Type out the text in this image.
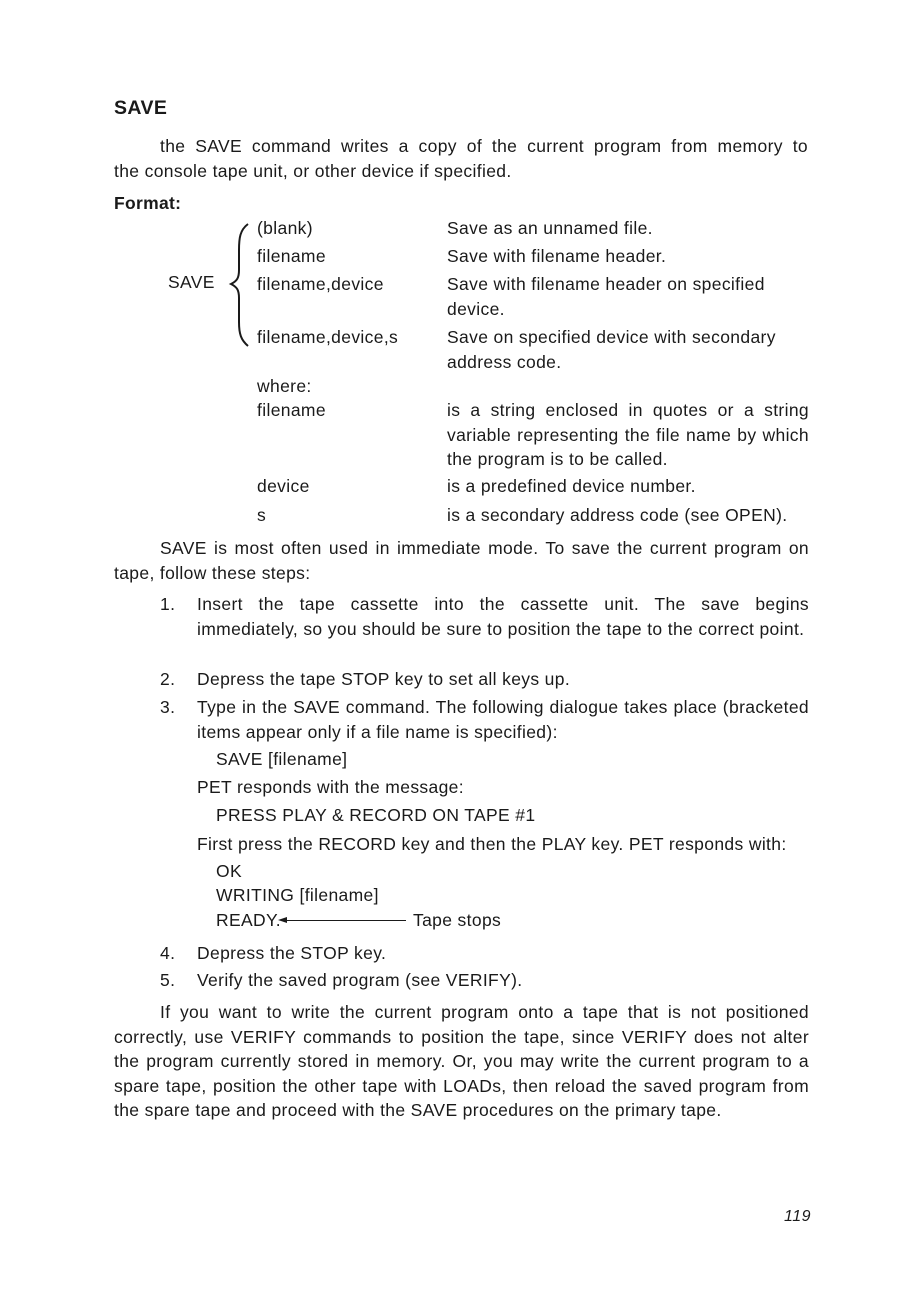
SAVE
the SAVE command writes a copy of the current program from memory to
the console tape unit, or other device if specified.
Format:
SAVE
(blank)	Save as an unnamed file.
filename	Save with filename header.
filename,device	Save with filename header on specified device.
filename,device,s	Save on specified device with secondary address code.
where:
filename	is a string enclosed in quotes or a string variable representing the file name by which the program is to be called.
device	is a predefined device number.
s	is a secondary address code (see OPEN).
SAVE is most often used in immediate mode. To save the current program on tape, follow these steps:
1. Insert the tape cassette into the cassette unit. The save begins immediately, so you should be sure to position the tape to the correct point.
2. Depress the tape STOP key to set all keys up.
3. Type in the SAVE command. The following dialogue takes place (bracketed items appear only if a file name is specified):
SAVE [filename]
PET responds with the message:
PRESS PLAY & RECORD ON TAPE #1
First press the RECORD key and then the PLAY key. PET responds with:
OK
WRITING [filename]
READY.	Tape stops
4. Depress the STOP key.
5. Verify the saved program (see VERIFY).
If you want to write the current program onto a tape that is not positioned correctly, use VERIFY commands to position the tape, since VERIFY does not alter the program currently stored in memory. Or, you may write the current program to a spare tape, position the other tape with LOADs, then reload the saved program from the spare tape and proceed with the SAVE procedures on the primary tape.
119
